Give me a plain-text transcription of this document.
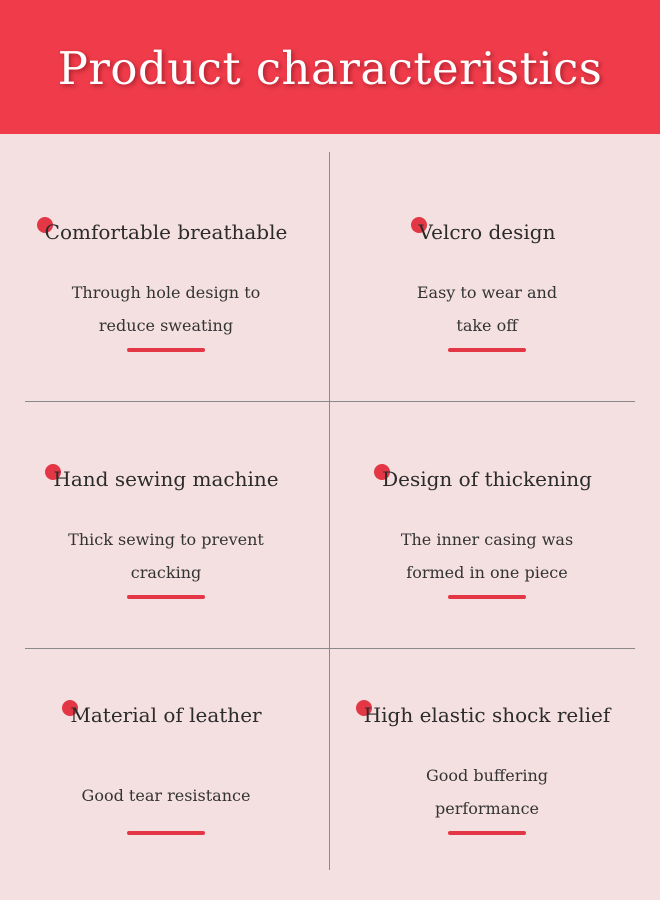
Product characteristics
Comfortable breathable
Through hole design to
reduce sweating
Velcro design
Easy to wear and
take off
Hand sewing machine
Thick sewing to prevent
cracking
Design of thickening
The inner casing was
formed in one piece
Material of leather
Good tear resistance
High elastic shock relief
Good buffering
performance
